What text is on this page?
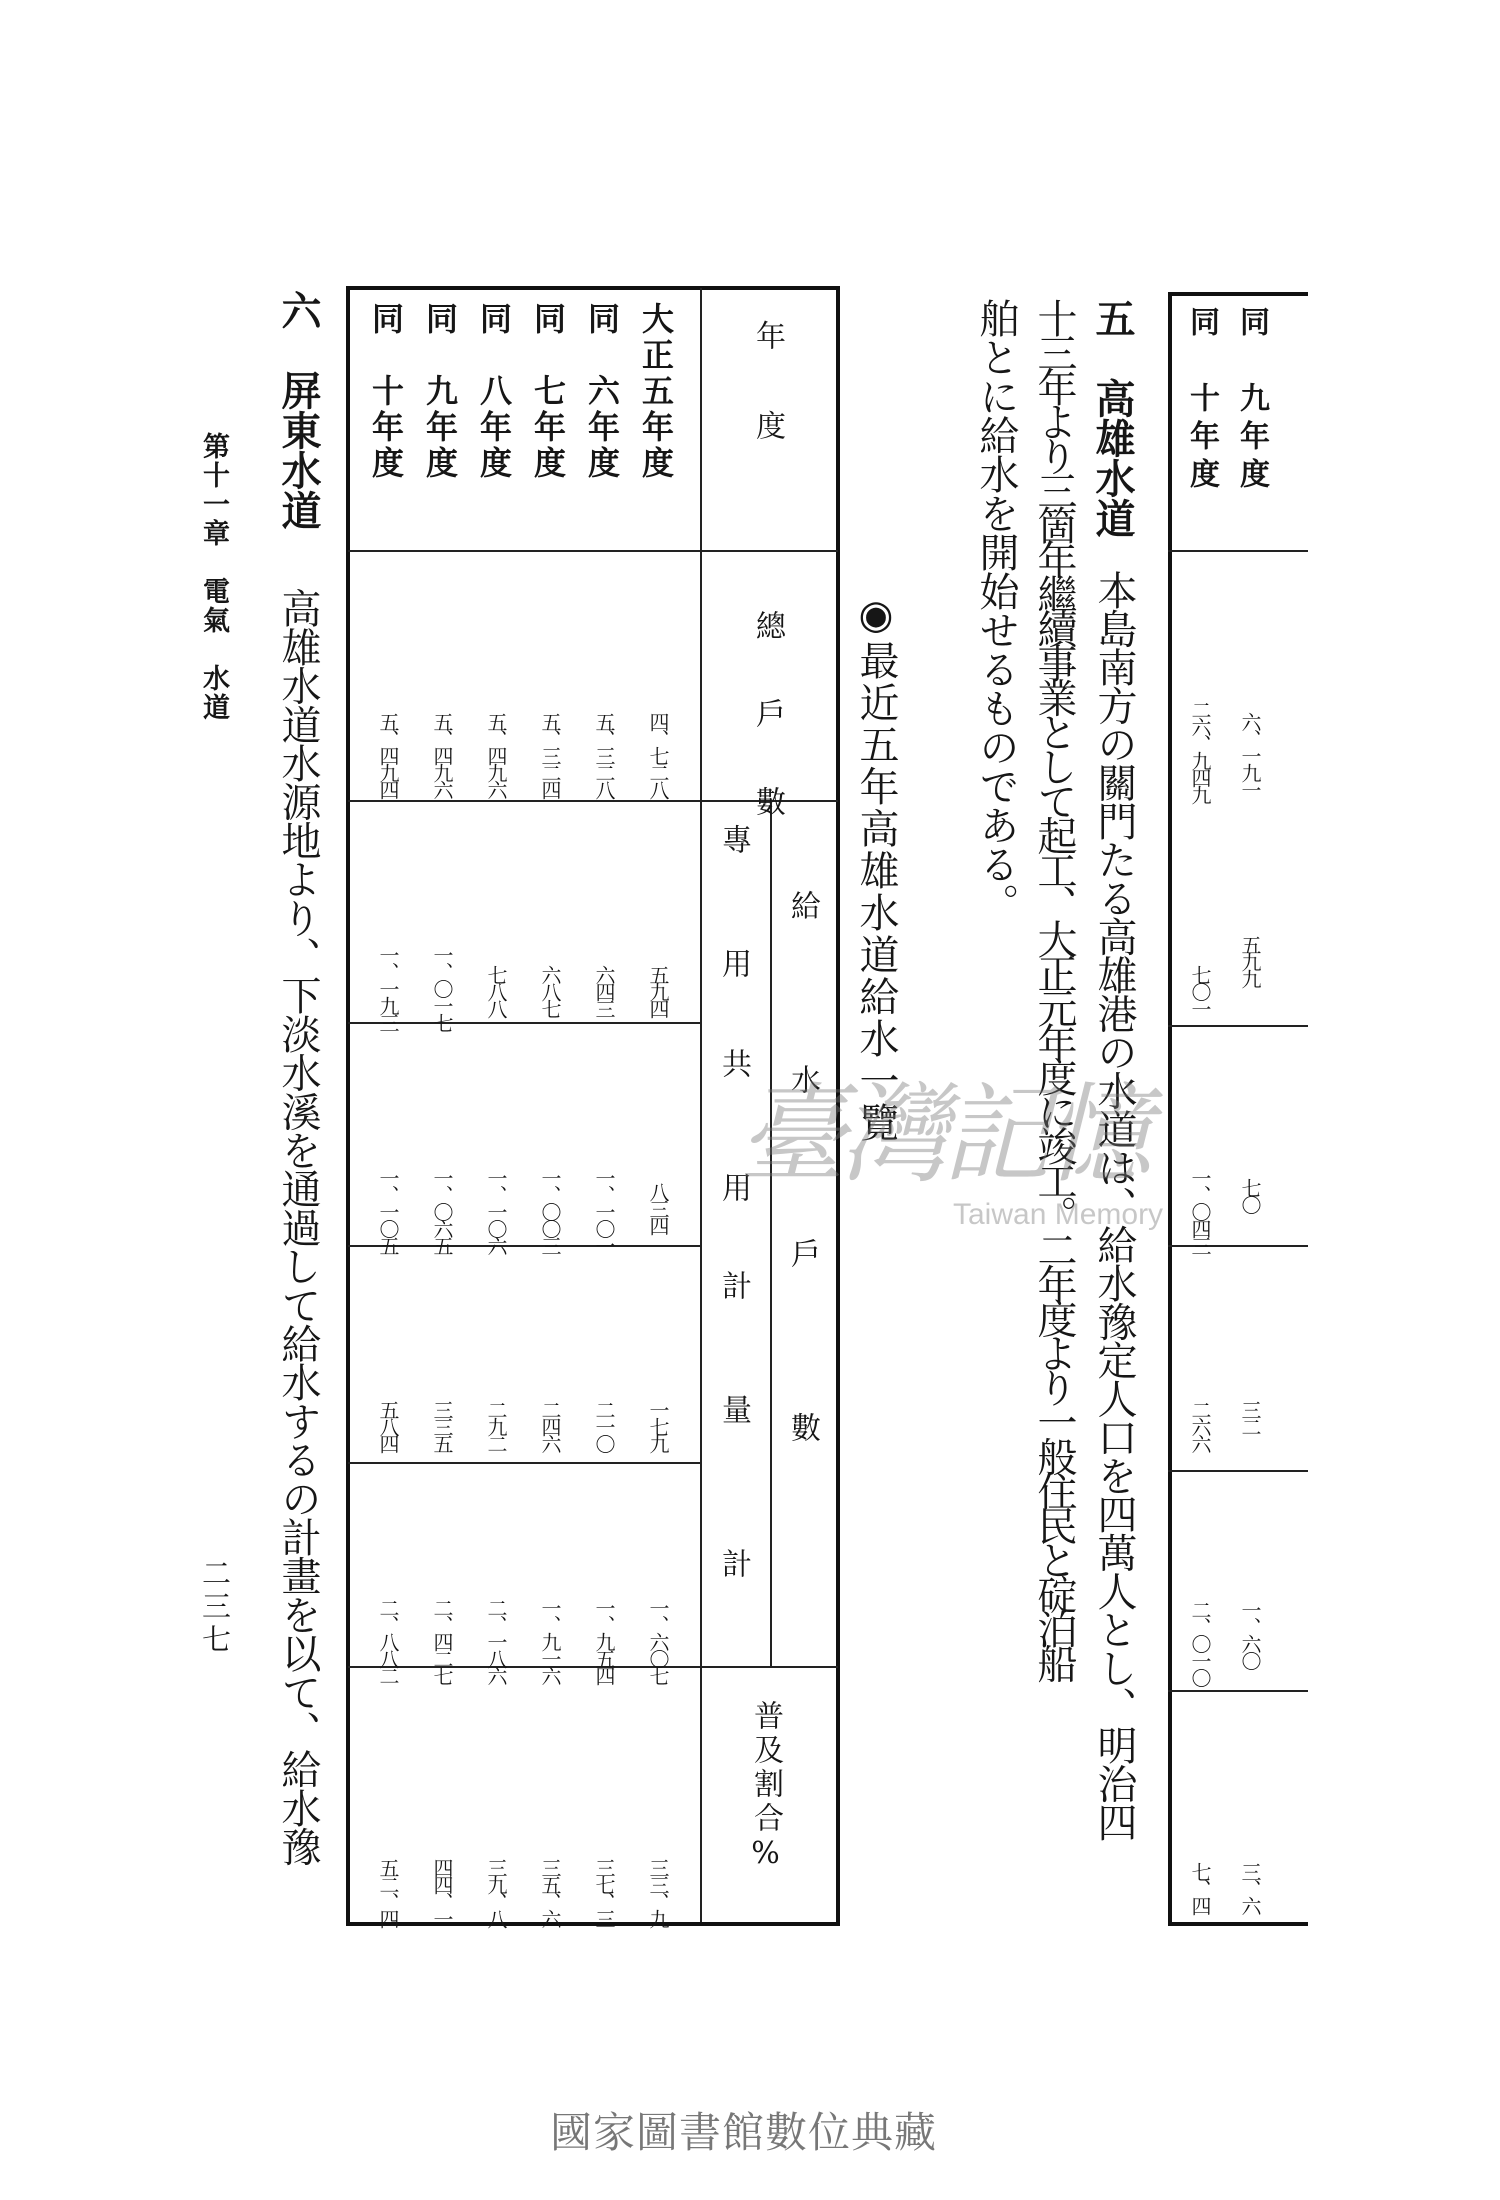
同　九年度
六、一九一
五九九
七〇
三二
一、六〇
三、六
同　十年度
二六、九四九
七〇一
一、〇四三
二六六
二、〇一〇
七、四
五　高雄水道
本島南方の關門たる高雄港の水道は、給水豫定人口を四萬人とし、明治四
十三年より三箇年繼續事業として起工、大正元年度に竣工。二年度より一般住民と碇泊船
舶とに給水を開始せるものである。
◉最近五年高雄水道給水一覽
年　　度
總　戶　數
給　　水　　戶　　數
專　用
共　用
計　量
計
普及割合%
大正五年度
四、七二八
五九四
八三四
一七九
一、六〇七
三三、九
同　六年度
五、三二八
六四三
一、一〇一
二一〇
一、九五四
三七、三
同　七年度
五、三二四
六八七
一、〇〇三
二四六
一、九一六
三五、六
同　八年度
五、四九六
七八八
一、一〇六
二九二
二、一八六
三九、八
同　九年度
五、四九六
一、〇一七
一、〇六五
三三五
二、四二七
四四、一
同　十年度
五、四九四
一、一九三
一、一〇五
五八四
二、八八二
五二、四
六　屏東水道
高雄水道水源地より、下淡水溪を通過して給水するの計畫を以て、給水豫
第十一章　電氣　水道
二三七
臺灣記憶
Taiwan Memory
國家圖書館數位典藏
